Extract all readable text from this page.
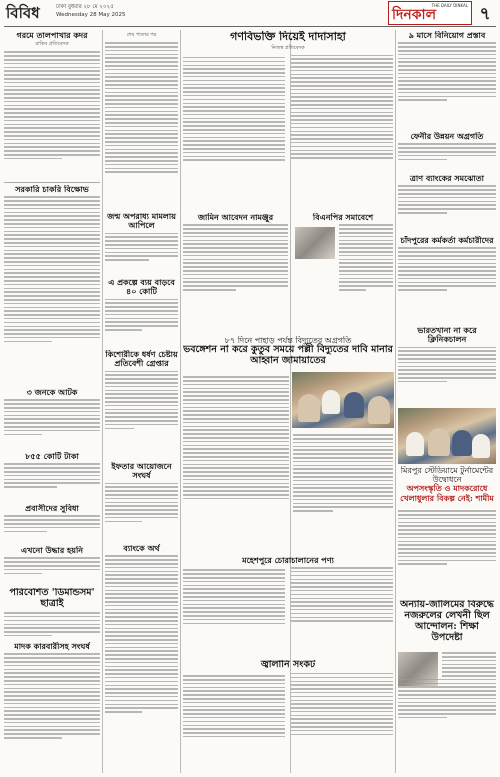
বিবিধ	ঢাকা বুধবার ২৮ মে ২০২৫
Wednesday 28 May 2025	দিনকাল
THE DAILY DINKAL ৭
গরমে তালপাখার কদর
রাকিব প্রতিবেদক
সরকারি চাকরি বিক্ষোভ
৩ জনকে আটক
৮৫৫ কোটি টাকা
প্রবাসীদের সুবিধা
এখনো উদ্ধার হয়নি
পরিবেশিত 'ডিমান্ডসম' ছাত্রাই
মাদক কারবারীসহ সংঘর্ষ
শেষ পাতার পর
জন্ম অপরাধ্য মামলায় আপিলে
এ প্রকল্পে ব্যয় বাড়বে ৪০ কোটি
কিশোরীকে ধর্ষণ চেষ্টায় প্রতিবেশী গ্রেপ্তার
ইফতার আয়োজনে সংঘর্ষ
ব্যাংকে অর্থ
গণবিভক্তি দিয়েই দাদাসাহা
নিজস্ব প্রতিবেদক
জামিন আবেদন নামঞ্জুর	বিএনপির সমাবেশে
৮৭ দিনে পাহাড় পর্যন্ত বিদ্যুতের অগ্রগতি
ভবঙ্গেশন না করে কুতুব সময়ে পল্লী বিদ্যুতের দাবি মানার আহ্বান জামায়াতের
মহেশপুরে চোরাচালানের পণ্য
জ্বালানি সংকট
৯ মাসে বিনিয়োগ প্রস্তাব
ফেনীর উন্নয়ন অগ্রগতি
ত্রাণ ব্যাংকের সমঝোতা
চাঁদপুরের কর্মকর্তা কর্মচারীদের
ভারতখানা না করে ক্লিনিকচালন
মিরপুর স্টেডিয়ামে টুর্নামেন্টের উদ্বোধনে
অপসংস্কৃতি ও মাদকরোধে খেলাধুলার বিকল্প নেই: শামীম
অন্যায়-জালিমের বিরুদ্ধে নজরুলের লেখনী ছিল আন্দোলন: শিক্ষা উপদেষ্টা
